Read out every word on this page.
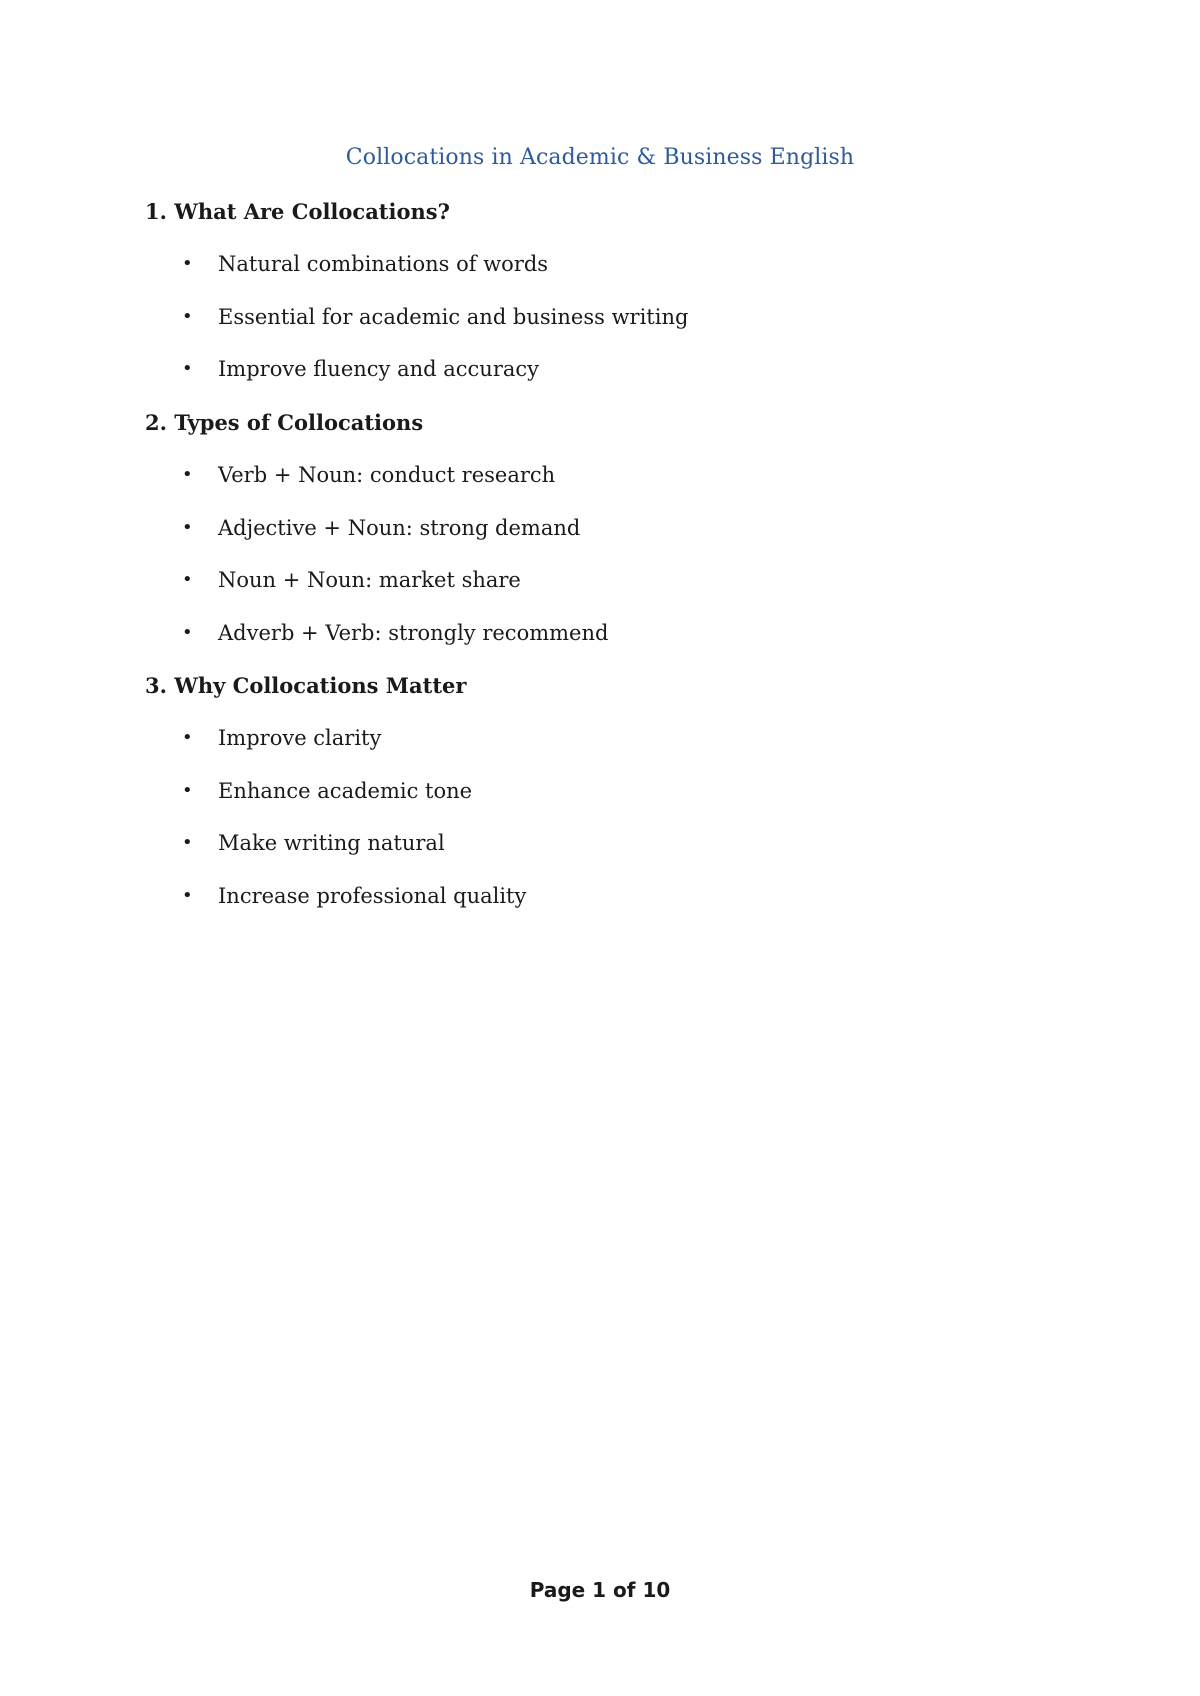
Collocations in Academic & Business English
1. What Are Collocations?
• Natural combinations of words
• Essential for academic and business writing
• Improve fluency and accuracy
2. Types of Collocations
• Verb + Noun: conduct research
• Adjective + Noun: strong demand
• Noun + Noun: market share
• Adverb + Verb: strongly recommend
3. Why Collocations Matter
• Improve clarity
• Enhance academic tone
• Make writing natural
• Increase professional quality
Page 1 of 10
